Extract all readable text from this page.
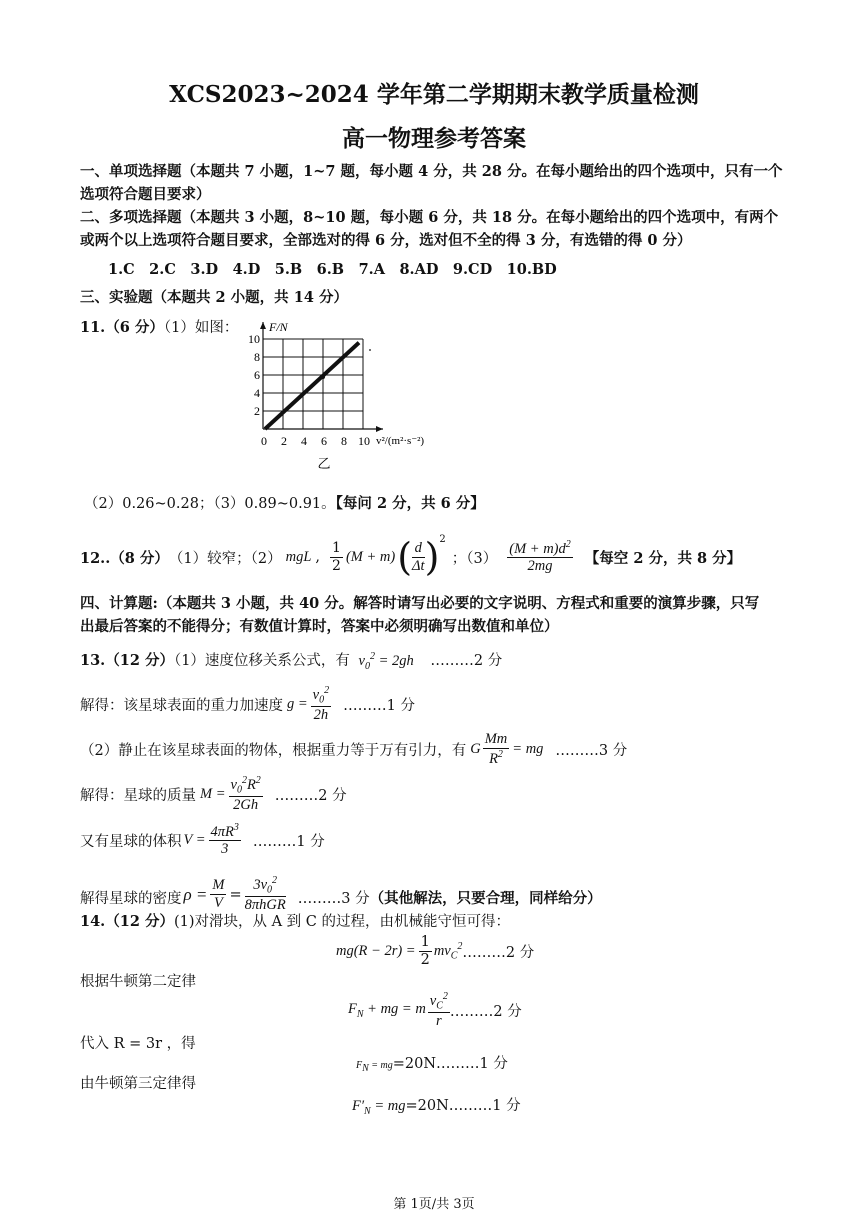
XCS2023~2024 学年第二学期期末教学质量检测
高一物理参考答案
一、单项选择题（本题共 7 小题，1~7 题，每小题 4 分，共 28 分。在每小题给出的四个选项中，只有一个
选项符合题目要求）
二、多项选择题（本题共 3 小题，8~10 题，每小题 6 分，共 18 分。在每小题给出的四个选项中，有两个
或两个以上选项符合题目要求，全部选对的得 6 分，选对但不全的得 3 分，有选错的得 0 分）
1.C　2.C　3.D　4.D　5.B　6.B　7.A　8.AD　9.CD　10.BD
三、实验题（本题共 2 小题，共 14 分）
11.（6 分）（1）如图：	F/N
10
8
6
4
2
0 2 4 6 8 10 v²/(m²·s⁻²)
乙
（2）0.26~0.28；（3）0.89~0.91。【每问 2 分，共 6 分】
12..（8 分） （1）较窄；（2） mgL , $\frac{1}{2} (M + m)$ ( $\frac{d}{\Delta t} )^2$
；$(3) \frac{(M + m)d^2}{2mg}$ 【每空 2 分，共 8 分】
四、计算题:（本题共 3 小题，共 40 分。解答时请写出必要的文字说明、方程式和重要的演算步骤，只写
出最后答案的不能得分；有数值计算时，答案中必须明确写出数值和单位）
13.（12 分）（1）速度位移关系公式，有 $v_0^2 = 2gh$ ………2 分
解得：该星球表面的重力加速度 $g = \frac{v_0^2}{2h}$ ………1 分
（2）静止在该星球表面的物体，根据重力等于万有引力，有 G $\frac{Mm}{R^2}$ = mg ………3 分
解得：星球的质量 $M = \frac{v_0^2R^2}{2Gh}$ ………2 分
又有星球的体积 $V = \frac{4\pi R^3}{3}$ ………1 分
解得星球的密度 $\rho = \frac{M}{V} = \frac{3v_0^2}{\text{8πhGR}}$ ………3 分 （其他解法，只要合理，同样给分）
14.（12 分）(1)对滑块，从 A 到 C 的过程，由机械能守恒可得：
$mg(R - 2r) = \frac{1}{2} mv_C^2$ ………2 分
根据牛顿第二定律
$F_N$ + mg = m $\frac{v_C^2}{r}$ ………2 分
代入 R = 3r ，得
$F_N$ = mg=20N………1 分
由牛顿第三定律得
$F'_N$ = mg=20N………1 分
第 1页/共 3页
